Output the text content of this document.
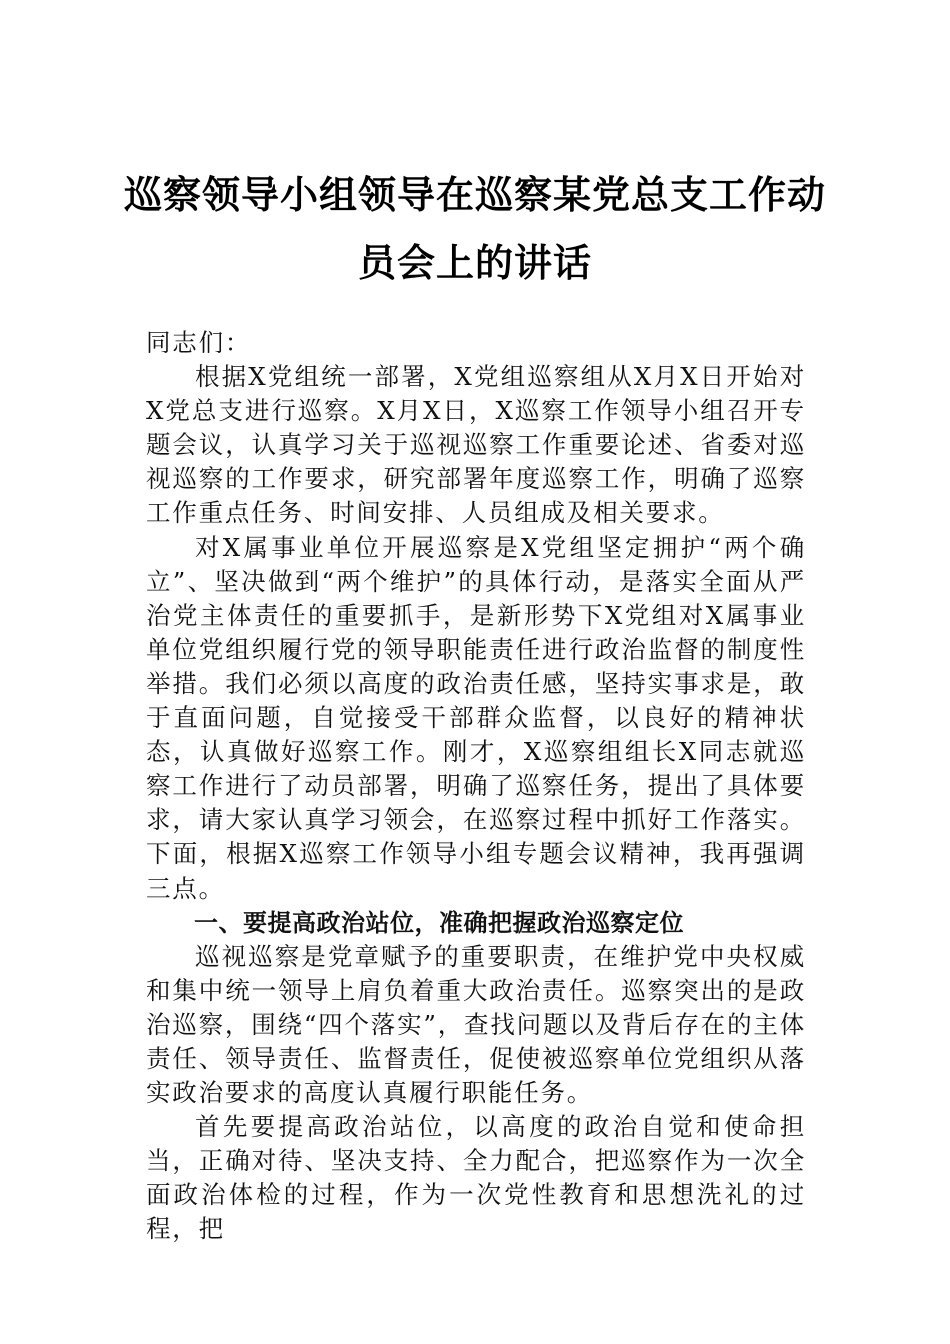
巡察领导小组领导在巡察某党总支工作动
员会上的讲话

同志们：

根据X党组统一部署，X党组巡察组从X月X日开始对X党总支进行巡察。X月X日，X巡察工作领导小组召开专题会议，认真学习关于巡视巡察工作重要论述、省委对巡视巡察的工作要求，研究部署年度巡察工作，明确了巡察工作重点任务、时间安排、人员组成及相关要求。

对X属事业单位开展巡察是X党组坚定拥护“两个确立”、坚决做到“两个维护”的具体行动，是落实全面从严治党主体责任的重要抓手，是新形势下X党组对X属事业单位党组织履行党的领导职能责任进行政治监督的制度性举措。我们必须以高度的政治责任感，坚持实事求是，敢于直面问题，自觉接受干部群众监督，以良好的精神状态，认真做好巡察工作。刚才，X巡察组组长X同志就巡察工作进行了动员部署，明确了巡察任务，提出了具体要求，请大家认真学习领会，在巡察过程中抓好工作落实。下面，根据X巡察工作领导小组专题会议精神，我再强调三点。

一、要提高政治站位，准确把握政治巡察定位

巡视巡察是党章赋予的重要职责，在维护党中央权威和集中统一领导上肩负着重大政治责任。巡察突出的是政治巡察，围绕“四个落实”，查找问题以及背后存在的主体责任、领导责任、监督责任，促使被巡察单位党组织从落实政治要求的高度认真履行职能任务。

首先要提高政治站位，以高度的政治自觉和使命担当，正确对待、坚决支持、全力配合，把巡察作为一次全面政治体检的过程，作为一次党性教育和思想洗礼的过程，把
